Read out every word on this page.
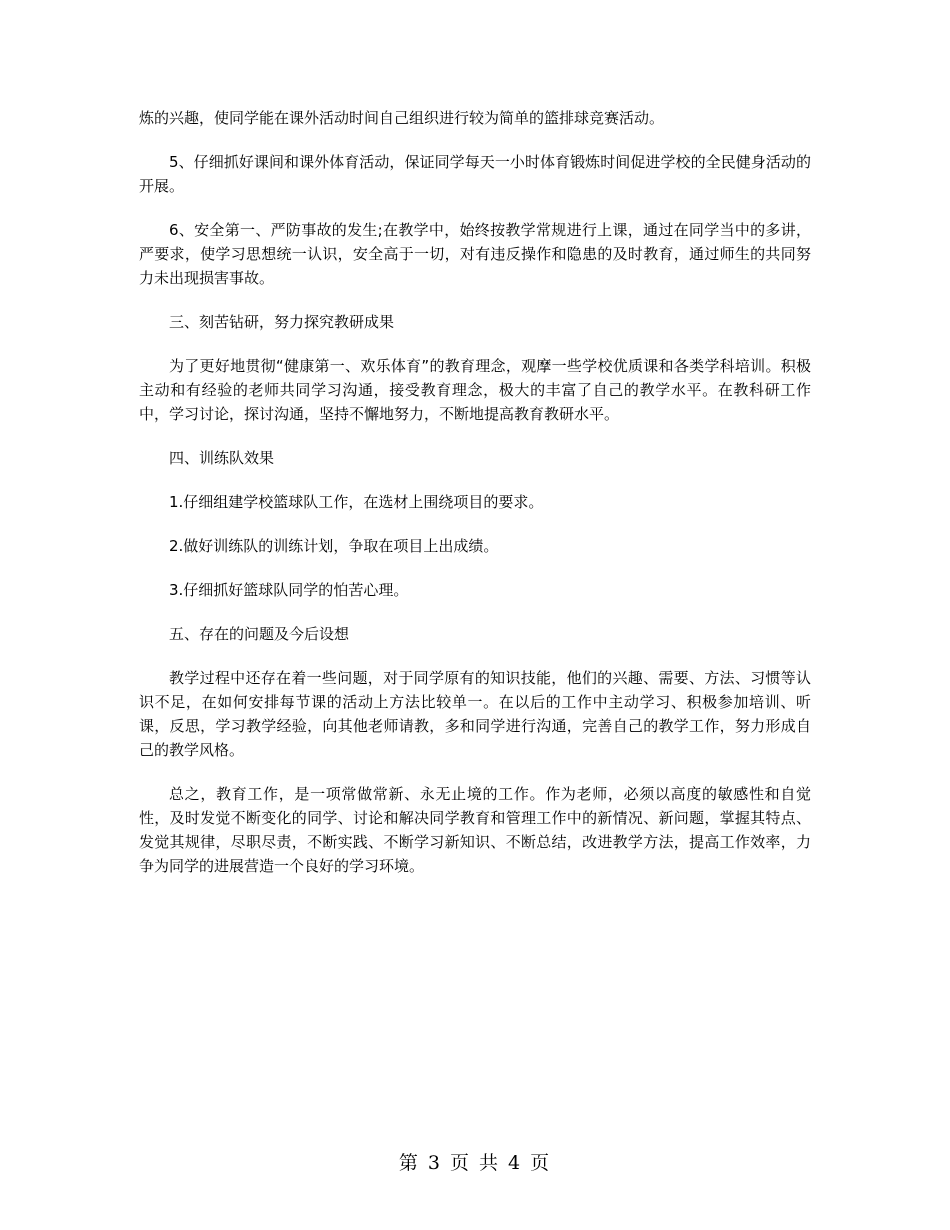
炼的兴趣，使同学能在课外活动时间自己组织进行较为简单的篮排球竞赛活动。

5、仔细抓好课间和课外体育活动，保证同学每天一小时体育锻炼时间促进学校的全民健身活动的开展。

6、安全第一、严防事故的发生;在教学中，始终按教学常规进行上课，通过在同学当中的多讲，严要求，使学习思想统一认识，安全高于一切，对有违反操作和隐患的及时教育，通过师生的共同努力未出现损害事故。

三、刻苦钻研，努力探究教研成果

为了更好地贯彻“健康第一、欢乐体育”的教育理念，观摩一些学校优质课和各类学科培训。积极主动和有经验的老师共同学习沟通，接受教育理念，极大的丰富了自己的教学水平。在教科研工作中，学习讨论，探讨沟通，坚持不懈地努力，不断地提高教育教研水平。

四、训练队效果

1.仔细组建学校篮球队工作，在选材上围绕项目的要求。

2.做好训练队的训练计划，争取在项目上出成绩。

3.仔细抓好篮球队同学的怕苦心理。

五、存在的问题及今后设想

教学过程中还存在着一些问题，对于同学原有的知识技能，他们的兴趣、需要、方法、习惯等认识不足，在如何安排每节课的活动上方法比较单一。在以后的工作中主动学习、积极参加培训、听课，反思，学习教学经验，向其他老师请教，多和同学进行沟通，完善自己的教学工作，努力形成自己的教学风格。

总之，教育工作，是一项常做常新、永无止境的工作。作为老师，必须以高度的敏感性和自觉性，及时发觉不断变化的同学、讨论和解决同学教育和管理工作中的新情况、新问题，掌握其特点、发觉其规律，尽职尽责，不断实践、不断学习新知识、不断总结，改进教学方法，提高工作效率，力争为同学的进展营造一个良好的学习环境。

第 3 页 共 4 页
